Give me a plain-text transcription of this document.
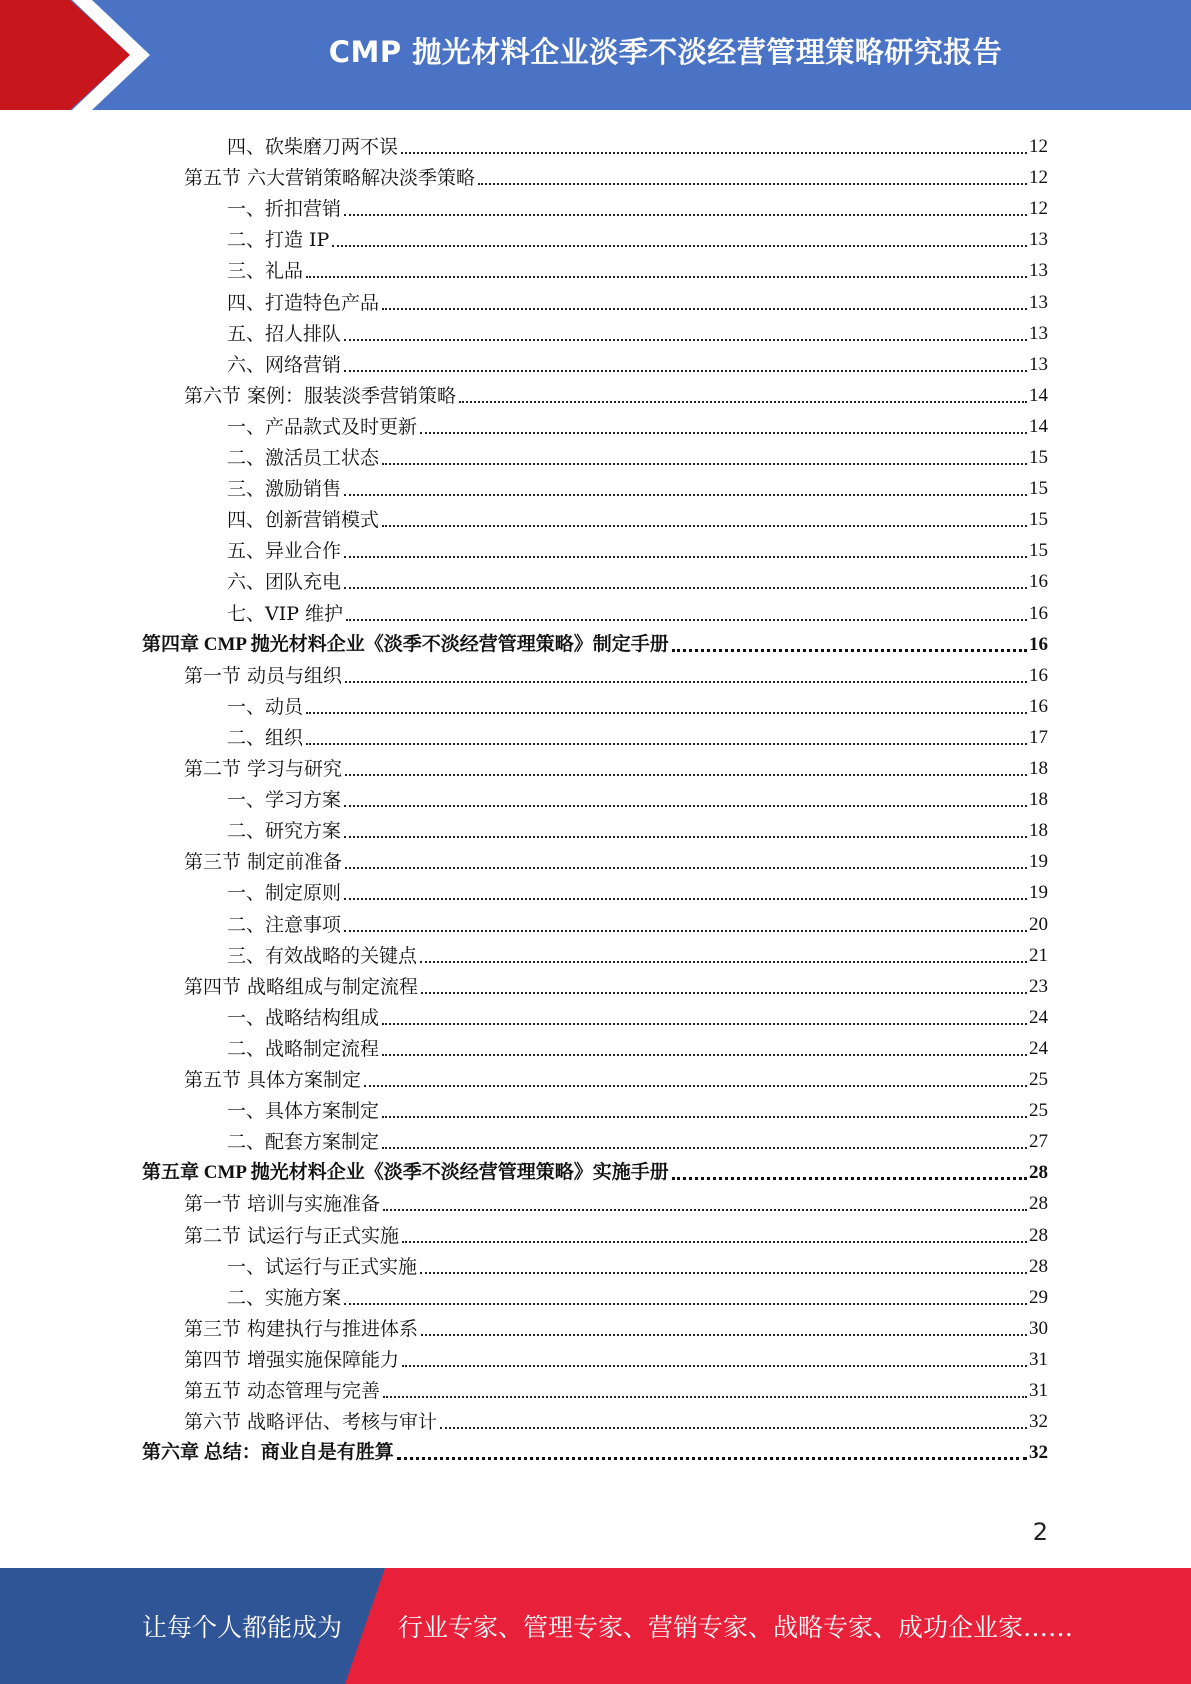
CMP 抛光材料企业淡季不淡经营管理策略研究报告
四、砍柴磨刀两不误	12
第五节 六大营销策略解决淡季策略	12
一、折扣营销	12
二、打造 IP	13
三、礼品	13
四、打造特色产品	13
五、招人排队	13
六、网络营销	13
第六节 案例：服装淡季营销策略	14
一、产品款式及时更新	14
二、激活员工状态	15
三、激励销售	15
四、创新营销模式	15
五、异业合作	15
六、团队充电	16
七、VIP 维护	16
第四章 CMP 抛光材料企业《淡季不淡经营管理策略》制定手册	16
第一节 动员与组织	16
一、动员	16
二、组织	17
第二节 学习与研究	18
一、学习方案	18
二、研究方案	18
第三节 制定前准备	19
一、制定原则	19
二、注意事项	20
三、有效战略的关键点	21
第四节 战略组成与制定流程	23
一、战略结构组成	24
二、战略制定流程	24
第五节 具体方案制定	25
一、具体方案制定	25
二、配套方案制定	27
第五章 CMP 抛光材料企业《淡季不淡经营管理策略》实施手册	28
第一节 培训与实施准备	28
第二节 试运行与正式实施	28
一、试运行与正式实施	28
二、实施方案	29
第三节 构建执行与推进体系	30
第四节 增强实施保障能力	31
第五节 动态管理与完善	31
第六节 战略评估、考核与审计	32
第六章 总结：商业自是有胜算	32
2
让每个人都能成为 行业专家、管理专家、营销专家、战略专家、成功企业家……
